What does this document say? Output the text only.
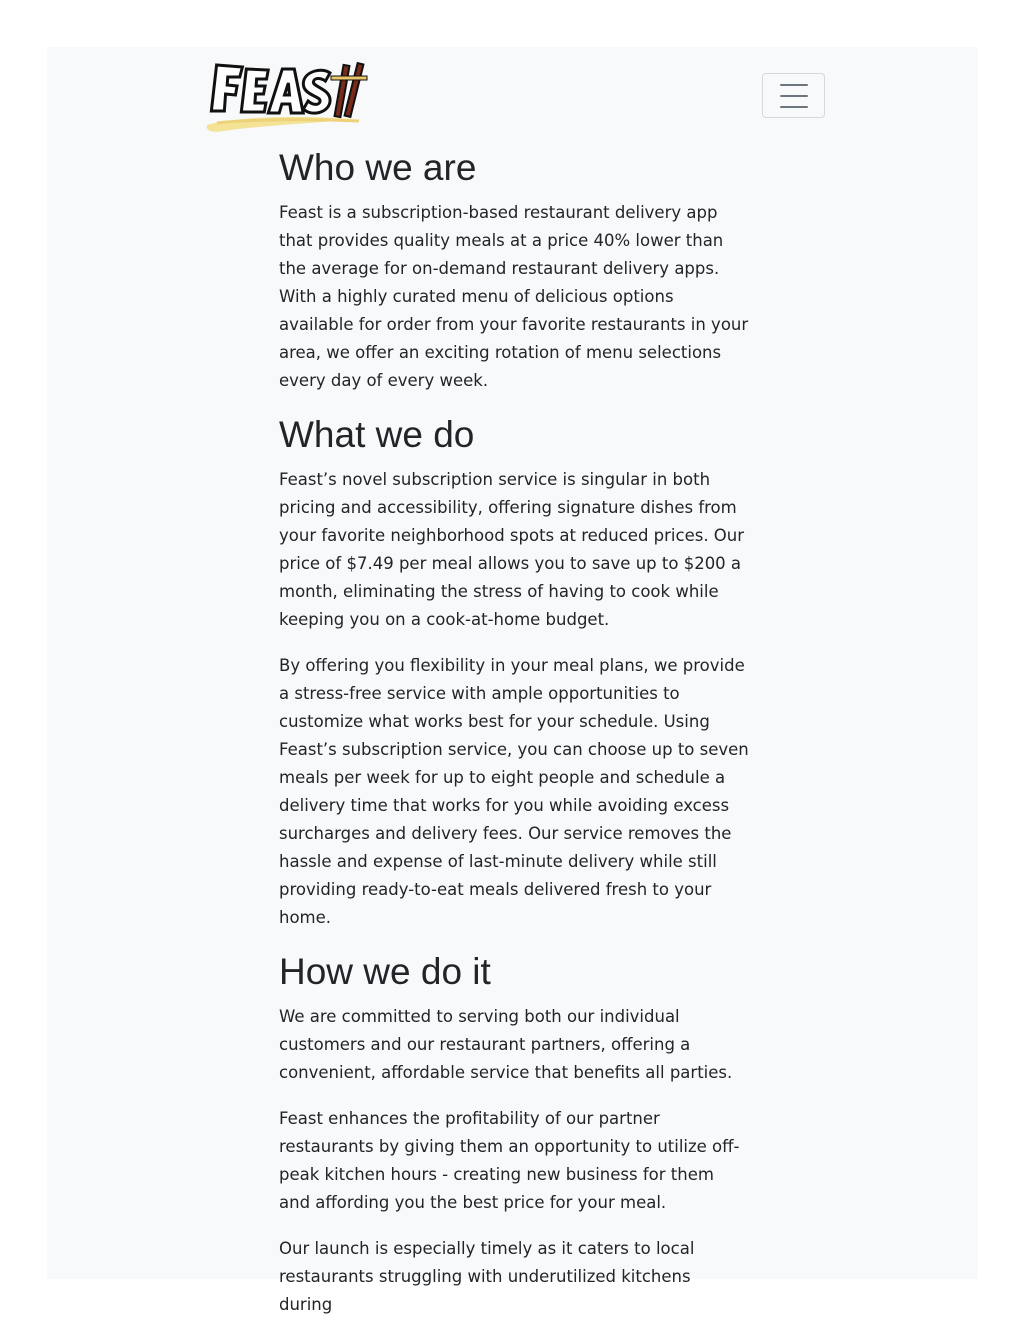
Who we are

Feast is a subscription-based restaurant delivery app that provides quality meals at a price 40% lower than the average for on-demand restaurant delivery apps. With a highly curated menu of delicious options available for order from your favorite restaurants in your area, we offer an exciting rotation of menu selections every day of every week.

What we do

Feast’s novel subscription service is singular in both pricing and accessibility, offering signature dishes from your favorite neighborhood spots at reduced prices. Our price of $7.49 per meal allows you to save up to $200 a month, eliminating the stress of having to cook while keeping you on a cook-at-home budget.

By offering you flexibility in your meal plans, we provide a stress-free service with ample opportunities to customize what works best for your schedule. Using Feast’s subscription service, you can choose up to seven meals per week for up to eight people and schedule a delivery time that works for you while avoiding excess surcharges and delivery fees. Our service removes the hassle and expense of last-minute delivery while still providing ready-to-eat meals delivered fresh to your home.

How we do it

We are committed to serving both our individual customers and our restaurant partners, offering a convenient, affordable service that benefits all parties.

Feast enhances the profitability of our partner restaurants by giving them an opportunity to utilize off-peak kitchen hours - creating new business for them and affording you the best price for your meal.

Our launch is especially timely as it caters to local restaurants struggling with underutilized kitchens during
